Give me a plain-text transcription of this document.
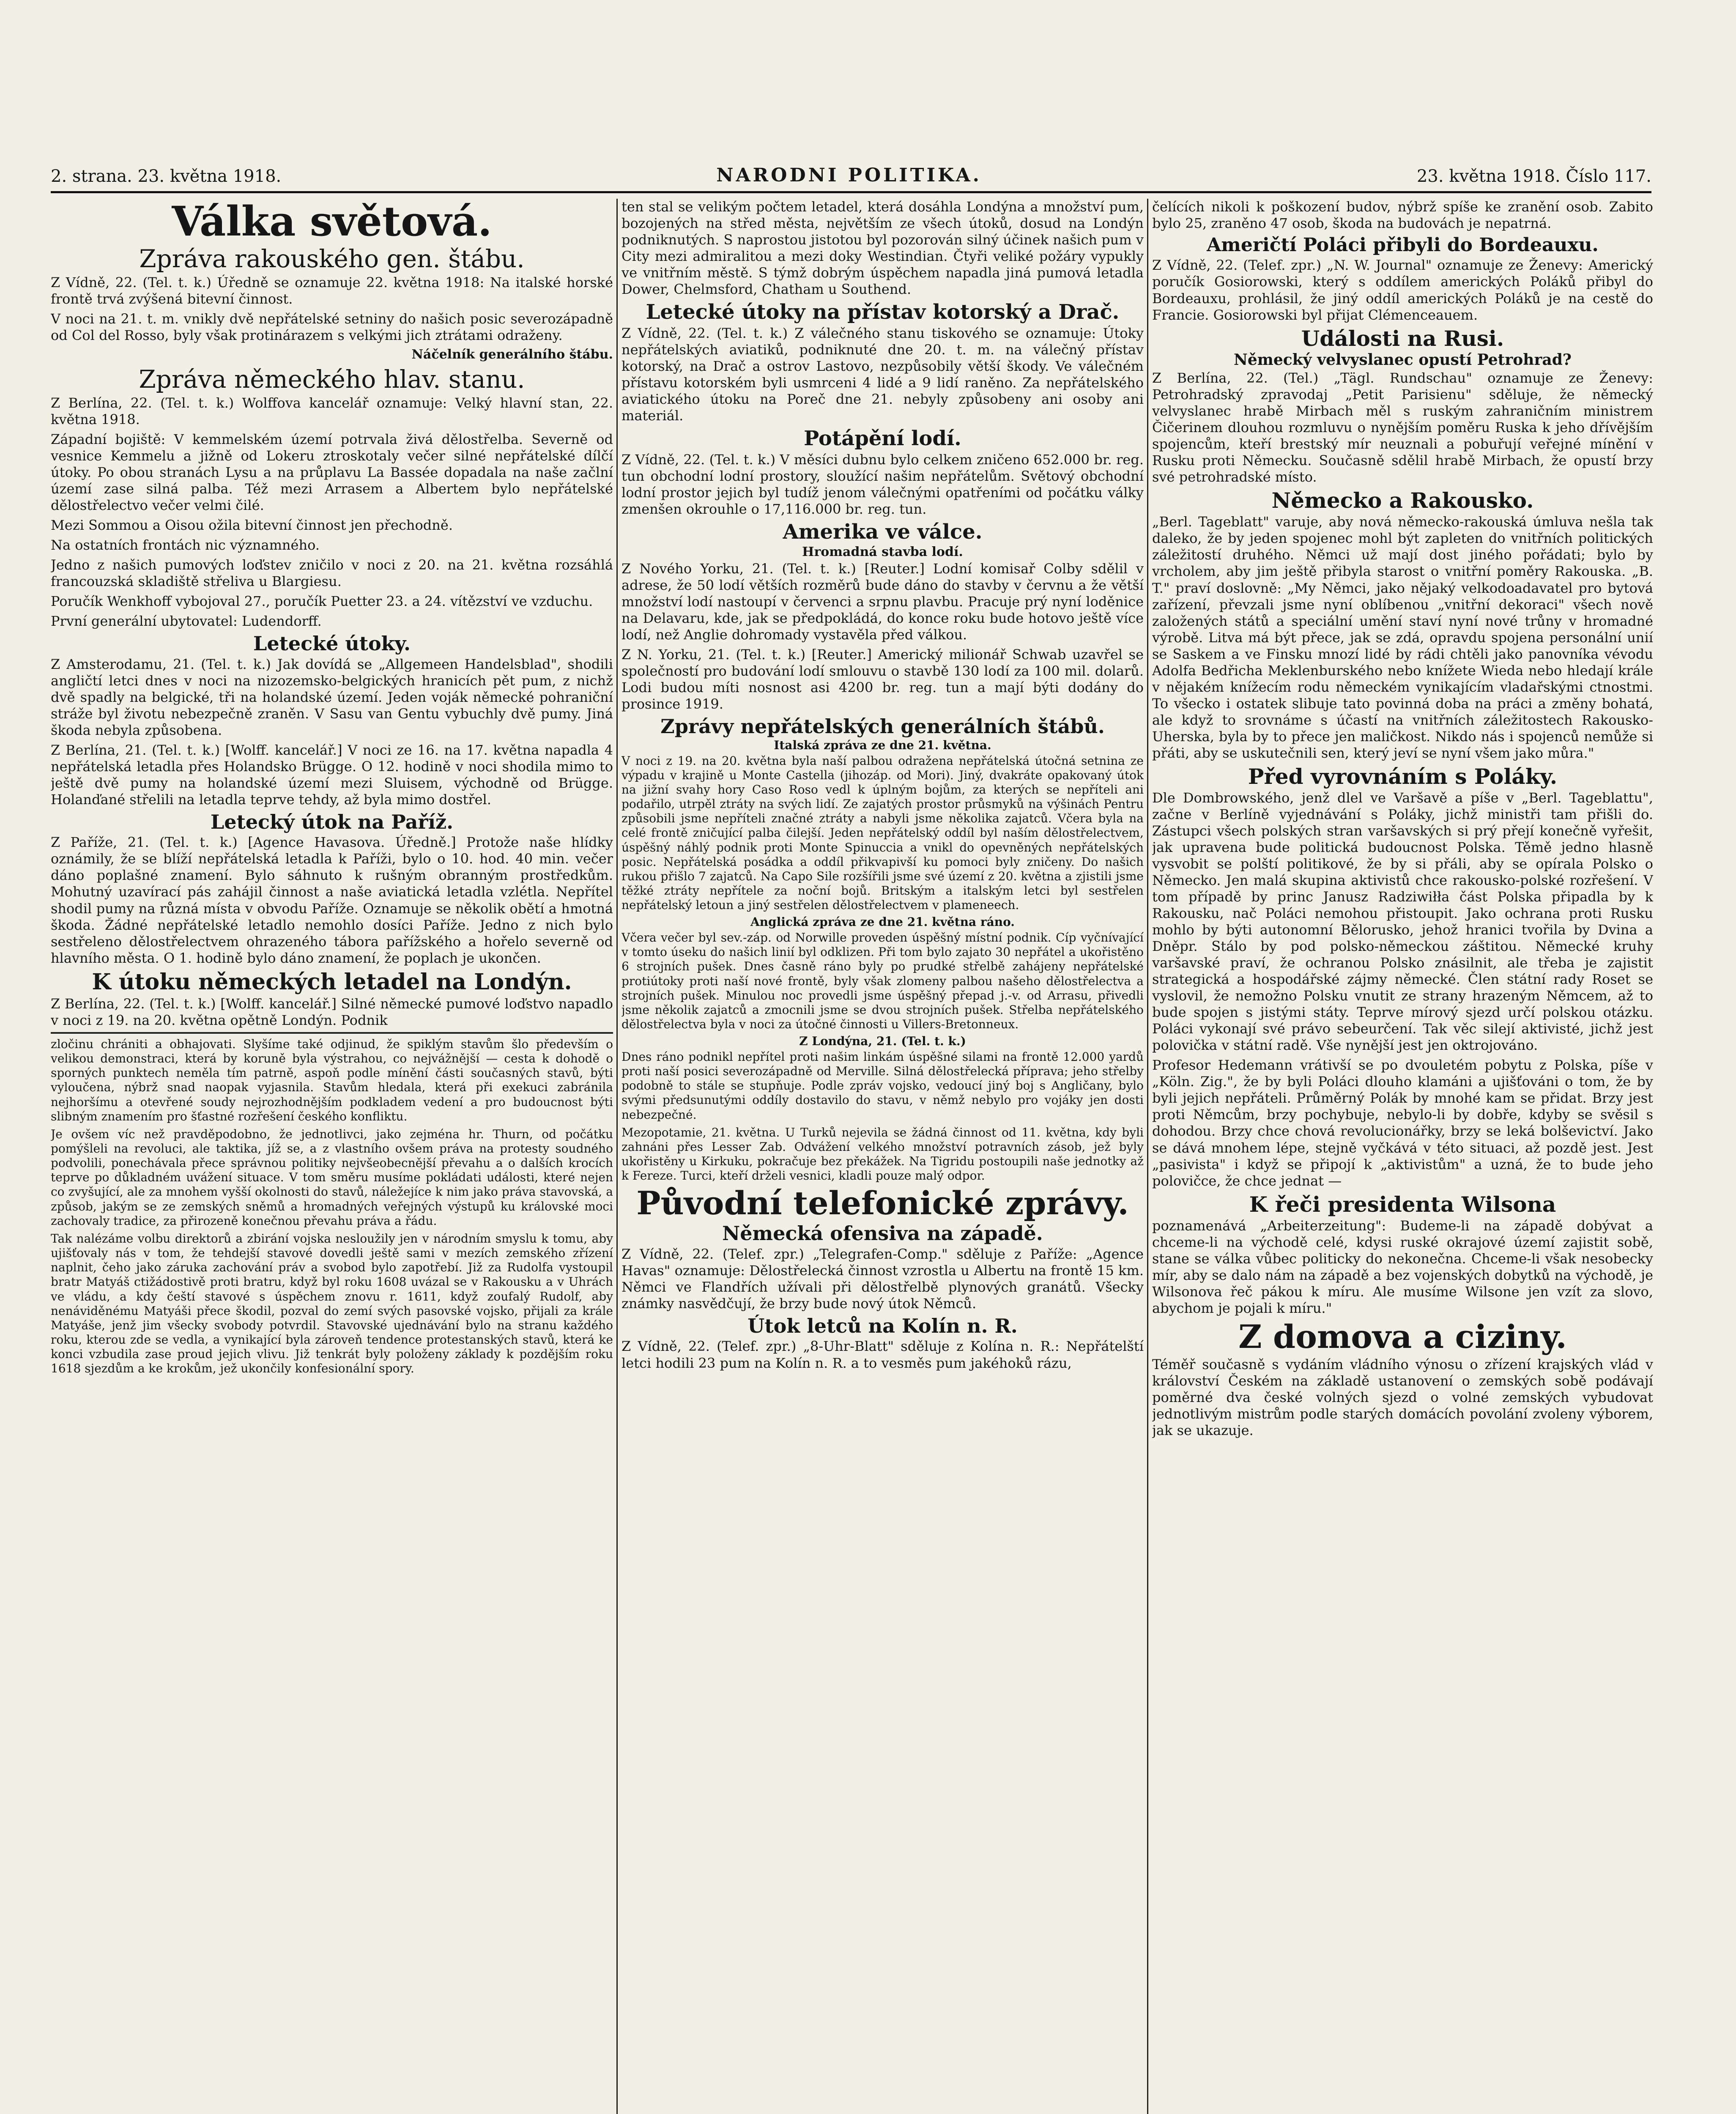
2. strana. 23. května 1918.	NARODNI POLITIKA.	23. května 1918. Číslo 117.
Válka světová.
Zpráva rakouského gen. štábu.

Z Vídně, 22. (Tel. t. k.) Úředně se oznamuje 22. května 1918: Na italské horské frontě trvá zvýšená bitevní činnost.

V noci na 21. t. m. vnikly dvě nepřátelské setniny do našich posic severozápadně od Col del Rosso, byly však protinárazem s velkými jich ztrátami odraženy.

Náčelník generálního štábu.
Zpráva německého hlav. stanu.

Z Berlína, 22. (Tel. t. k.) Wolffova kancelář oznamuje: Velký hlavní stan, 22. května 1918.

Západní bojiště: V kemmelském území potrvala živá dělostřelba. Severně od vesnice Kemmelu a jižně od Lokeru ztroskotaly večer silné nepřátelské dílčí útoky. Po obou stranách Lysu a na průplavu La Bassée dopadala na naše začlní území zase silná palba. Též mezi Arrasem a Albertem bylo nepřátelské dělostřelectvo večer velmi čilé.

Mezi Sommou a Oisou ožila bitevní činnost jen přechodně.

Na ostatních frontách nic významného.

Jedno z našich pumových loďstev zničilo v noci z 20. na 21. května rozsáhlá francouzská skladiště střeliva u Blargiesu.

Poručík Wenkhoff vybojoval 27., poručík Puetter 23. a 24. vítězství ve vzduchu.

První generální ubytovatel: Ludendorff.

Letecké útoky.

Z Amsterodamu, 21. (Tel. t. k.) Jak dovídá se „Allgemeen Handelsblad", shodili angličtí letci dnes v noci na nizozemsko-belgických hranicích pět pum, z nichž dvě spadly na belgické, tři na holandské území. Jeden voják německé pohraniční stráže byl životu nebezpečně zraněn. V Sasu van Gentu vybuchly dvě pumy. Jiná škoda nebyla způsobena.

Z Berlína, 21. (Tel. t. k.) [Wolff. kancelář.] V noci ze 16. na 17. května napadla 4 nepřátelská letadla přes Holandsko Brügge. O 12. hodině v noci shodila mimo to ještě dvě pumy na holandské území mezi Sluisem, východně od Brügge. Holanďané střelili na letadla teprve tehdy, až byla mimo dostřel.

Letecký útok na Paříž.

Z Paříže, 21. (Tel. t. k.) [Agence Havasova. Úředně.] Protože naše hlídky oznámily, že se blíží nepřátelská letadla k Paříži, bylo o 10. hod. 40 min. večer dáno poplašné znamení. Bylo sáhnuto k rušným obranným prostředkům. Mohutný uzavírací pás zahájil činnost a naše aviatická letadla vzlétla. Nepřítel shodil pumy na různá místa v obvodu Paříže. Oznamuje se několik obětí a hmotná škoda. Žádné nepřátelské letadlo nemohlo dosíci Paříže. Jedno z nich bylo sestřeleno dělostřelectvem ohrazeného tábora pařížského a hořelo severně od hlavního města. O 1. hodině bylo dáno znamení, že poplach je ukončen.

K útoku německých letadel na Londýn.

Z Berlína, 22. (Tel. t. k.) [Wolff. kancelář.] Silné německé pumové loďstvo napadlo v noci z 19. na 20. května opětně Londýn. Podnik

zločinu chrániti a obhajovati. Slyšíme také odjinud, že spiklým stavům šlo především o velikou demonstraci, která by koruně byla výstrahou, co nejvážnější — cesta k dohodě o sporných punktech neměla tím patrně, aspoň podle mínění části současných stavů, býti vyloučena, nýbrž snad naopak vyjasnila. Stavům hledala, která při exekuci zabránila nejhoršímu a otevřené soudy nejrozhodnějším podkladem vedení a pro budoucnost býti slibným znamením pro šťastné rozřešení českého konfliktu.

Je ovšem víc než pravděpodobno, že jednotlivci, jako zejména hr. Thurn, od počátku pomýšleli na revoluci, ale taktika, jíž se, a z vlastního ovšem práva na protesty soudného podvolili, ponechávala přece správnou politiky nejvšeobecnější převahu a o dalších krocích teprve po důkladném uvážení situace. V tom směru musíme pokládati události, které nejen co zvyšující, ale za mnohem vyšší okolnosti do stavů, náležejíce k nim jako práva stavovská, a způsob, jakým se ze zemských sněmů a hromadných veřejných výstupů ku královské moci zachovaly tradice, za přirozeně konečnou převahu práva a řádu.

Tak nalézáme volbu direktorů a zbirání vojska nesloužily jen v národním smyslu k tomu, aby ujišťovaly nás v tom, že tehdejší stavové dovedli ještě sami v mezích zemského zřízení naplnit, čeho jako záruka zachování práv a svobod bylo zapotřebí. Již za Rudolfa vystoupil bratr Matyáš ctižádostivě proti bratru, když byl roku 1608 uvázal se v Rakousku a v Uhrách ve vládu, a kdy čeští stavové s úspěchem znovu r. 1611, když zoufalý Rudolf, aby nenáviděnému Matyáši přece škodil, pozval do zemí svých pasovské vojsko, přijali za krále Matyáše, jenž jim všecky svobody potvrdil. Stavovské ujednávání bylo na stranu každého roku, kterou zde se vedla, a vynikající byla zároveň tendence protestanských stavů, která ke konci vzbudila zase proud jejich vlivu. Již tenkrát byly položeny základy k pozdějším roku 1618 sjezdům a ke krokům, jež ukončily konfesionální spory.

ten stal se velikým počtem letadel, která dosáhla Londýna a množství pum, bozojených na střed města, největším ze všech útoků, dosud na Londýn podniknutých. S naprostou jistotou byl pozorován silný účinek našich pum v City mezi admiralitou a mezi doky Westindian. Čtyři veliké požáry vypukly ve vnitřním městě. S týmž dobrým úspěchem napadla jiná pumová letadla Dower, Chelmsford, Chatham u Southend.

Letecké útoky na přístav kotorský a Drač.

Z Vídně, 22. (Tel. t. k.) Z válečného stanu tiskového se oznamuje: Útoky nepřátelských aviatiků, podniknuté dne 20. t. m. na válečný přístav kotorský, na Drač a ostrov Lastovo, nezpůsobily větší škody. Ve válečném přístavu kotorském byli usmrceni 4 lidé a 9 lidí raněno. Za nepřátelského aviatického útoku na Poreč dne 21. nebyly způsobeny ani osoby ani materiál.

Potápění lodí.

Z Vídně, 22. (Tel. t. k.) V měsíci dubnu bylo celkem zničeno 652.000 br. reg. tun obchodní lodní prostory, sloužící našim nepřátelům. Světový obchodní lodní prostor jejich byl tudíž jenom válečnými opatřeními od počátku války zmenšen okrouhle o 17,116.000 br. reg. tun.

Amerika ve válce.
Hromadná stavba lodí.

Z Nového Yorku, 21. (Tel. t. k.) [Reuter.] Lodní komisař Colby sdělil v adrese, že 50 lodí větších rozměrů bude dáno do stavby v červnu a že větší množství lodí nastoupí v červenci a srpnu plavbu. Pracuje prý nyní loděnice na Delavaru, kde, jak se předpokládá, do konce roku bude hotovo ještě více lodí, než Anglie dohromady vystavěla před válkou.

Z N. Yorku, 21. (Tel. t. k.) [Reuter.] Americký milionář Schwab uzavřel se společností pro budování lodí smlouvu o stavbě 130 lodí za 100 mil. dolarů. Lodi budou míti nosnost asi 4200 br. reg. tun a mají býti dodány do prosince 1919.

Zprávy nepřátelských generálních štábů.
Italská zpráva ze dne 21. května.

V noci z 19. na 20. května byla naší palbou odražena nepřátelská útočná setnina ze výpadu v krajině u Monte Castella (jihozáp. od Mori). Jiný, dvakráte opakovaný útok na jižní svahy hory Caso Roso vedl k úplným bojům, za kterých se nepříteli ani podařilo, utrpěl ztráty na svých lidí. Ze zajatých prostor průsmyků na výšinách Pentru způsobili jsme nepříteli značné ztráty a nabyli jsme několika zajatců. Včera byla na celé frontě zničující palba čilejší. Jeden nepřátelský oddíl byl naším dělostřelectvem, úspěšný náhlý podnik proti Monte Spinuccia a vnikl do opevněných nepřátelských posic. Nepřátelská posádka a oddíl přikvapivší ku pomoci byly zničeny. Do našich rukou přišlo 7 zajatců. Na Capo Sile rozšířili jsme své území z 20. května a zjistili jsme těžké ztráty nepřítele za noční bojů. Britským a italským letci byl sestřelen nepřátelský letoun a jiný sestřelen dělostřelectvem v plameneech.

Anglická zpráva ze dne 21. května ráno.

Včera večer byl sev.-záp. od Norwille proveden úspěšný místní podnik. Cíp vyčnívající v tomto úseku do našich linií byl odklizen. Při tom bylo zajato 30 nepřátel a ukořistěno 6 strojních pušek. Dnes časně ráno byly po prudké střelbě zahájeny nepřátelské protiútoky proti naší nové frontě, byly však zlomeny palbou našeho dělostřelectva a strojních pušek. Minulou noc provedli jsme úspěšný přepad j.-v. od Arrasu, přivedli jsme několik zajatců a zmocnili jsme se dvou strojních pušek. Střelba nepřátelského dělostřelectva byla v noci za útočné činnosti u Villers-Bretonneux.

Z Londýna, 21. (Tel. t. k.)

Dnes ráno podnikl nepřítel proti našim linkám úspěšné silami na frontě 12.000 yardů proti naší posici severozápadně od Merville. Silná dělostřelecká příprava; jeho střelby podobně to stále se stupňuje. Podle zpráv vojsko, vedoucí jiný boj s Angličany, bylo svými předsunutými oddíly dostavilo do stavu, v němž nebylo pro vojáky jen dosti nebezpečné.

Mezopotamie, 21. května. U Turků nejevila se žádná činnost od 11. května, kdy byli zahnáni přes Lesser Zab. Odvážení velkého množství potravních zásob, jež byly ukořistěny u Kirkuku, pokračuje bez překážek. Na Tigridu postoupili naše jednotky až k Fereze. Turci, kteří drželi vesnici, kladli pouze malý odpor.

Původní telefonické zprávy.
Německá ofensiva na západě.

Z Vídně, 22. (Telef. zpr.) „Telegrafen-Comp." sděluje z Paříže: „Agence Havas" oznamuje: Dělostřelecká činnost vzrostla u Albertu na frontě 15 km. Němci ve Flandřích užívali při dělostřelbě plynových granátů. Všecky známky nasvědčují, že brzy bude nový útok Němců.

Útok letců na Kolín n. R.

Z Vídně, 22. (Telef. zpr.) „8-Uhr-Blatt" sděluje z Kolína n. R.: Nepřátelští letci hodili 23 pum na Kolín n. R. a to vesměs pum jakéhoků rázu,

čelících nikoli k poškození budov, nýbrž spíše ke zranění osob. Zabito bylo 25, zraněno 47 osob, škoda na budovách je nepatrná.

Američtí Poláci přibyli do Bordeauxu.

Z Vídně, 22. (Telef. zpr.) „N. W. Journal" oznamuje ze Ženevy: Americký poručík Gosiorowski, který s oddílem amerických Poláků přibyl do Bordeauxu, prohlásil, že jiný oddíl amerických Poláků je na cestě do Francie. Gosiorowski byl přijat Clémenceauem.

Události na Rusi.
Německý velvyslanec opustí Petrohrad?

Z Berlína, 22. (Tel.) „Tägl. Rundschau" oznamuje ze Ženevy: Petrohradský zpravodaj „Petit Parisienu" sděluje, že německý velvyslanec hrabě Mirbach měl s ruským zahraničním ministrem Čičerinem dlouhou rozmluvu o nynějším poměru Ruska k jeho dřívějším spojencům, kteří brestský mír neuznali a pobuřují veřejné mínění v Rusku proti Německu. Současně sdělil hrabě Mirbach, že opustí brzy své petrohradské místo.

Německo a Rakousko.

„Berl. Tageblatt" varuje, aby nová německo-rakouská úmluva nešla tak daleko, že by jeden spojenec mohl být zapleten do vnitřních politických záležitostí druhého. Němci už mají dost jiného pořádati; bylo by vrcholem, aby jim ještě přibyla starost o vnitřní poměry Rakouska. „B. T." praví doslovně: „My Němci, jako nějaký velkodoadavatel pro bytová zařízení, převzali jsme nyní oblíbenou „vnitřní dekoraci" všech nově založených států a speciální umění staví nyní nové trůny v hromadné výrobě. Litva má být přece, jak se zdá, opravdu spojena personální unií se Saskem a ve Finsku mnozí lidé by rádi chtěli jako panovníka vévodu Adolfa Bedřicha Meklenburského nebo knížete Wieda nebo hledají krále v nějakém knížecím rodu německém vynikajícím vladařskými ctnostmi. To všecko i ostatek slibuje tato povinná doba na práci a změny bohatá, ale když to srovnáme s účastí na vnitřních záležitostech Rakousko-Uherska, byla by to přece jen maličkost. Nikdo nás i spojenců nemůže si přáti, aby se uskutečnili sen, který jeví se nyní všem jako můra."

Před vyrovnáním s Poláky.

Dle Dombrowského, jenž dlel ve Varšavě a píše v „Berl. Tageblattu", začne v Berlíně vyjednávání s Poláky, jichž ministři tam přišli do. Zástupci všech polských stran varšavských si prý přejí konečně vyřešit, jak upravena bude politická budoucnost Polska. Těmě jedno hlasně vysvobit se polští politikové, že by si přáli, aby se opírala Polsko o Německo. Jen malá skupina aktivistů chce rakousko-polské rozřešení. V tom případě by princ Janusz Radziwiłła část Polska připadla by k Rakousku, nač Poláci nemohou přistoupit. Jako ochrana proti Rusku mohlo by býti autonomní Bělorusko, jehož hranici tvořila by Dvina a Dněpr. Stálo by pod polsko-německou záštitou. Německé kruhy varšavské praví, že ochranou Polsko znásilnit, ale třeba je zajistit strategická a hospodářské zájmy německé. Člen státní rady Roset se vyslovil, že nemožno Polsku vnutit ze strany hrazeným Němcem, až to bude spojen s jistými státy. Teprve mírový sjezd určí polskou otázku. Poláci vykonají své právo sebeurčení. Tak věc silejí aktivisté, jichž jest polovička v státní radě. Vše nynější jest jen oktrojováno.

Profesor Hedemann vrátivší se po dvouletém pobytu z Polska, píše v „Köln. Zig.", že by byli Poláci dlouho klamáni a ujišťováni o tom, že by byli jejich nepřáteli. Průměrný Polák by mnohé kam se přidat. Brzy jest proti Němcům, brzy pochybuje, nebylo-li by dobře, kdyby se svěsil s dohodou. Brzy chce chová revolucionářky, brzy se leká bolševictví. Jako se dává mnohem lépe, stejně vyčkává v této situaci, až pozdě jest. Jest „pasivista" i když se připojí k „aktivistům" a uzná, že to bude jeho polovičce, že chce jednat —

K řeči presidenta Wilsona

poznamenává „Arbeiterzeitung": Budeme-li na západě dobývat a chceme-li na východě celé, kdysi ruské okrajové území zajistit sobě, stane se válka vůbec politicky do nekonečna. Chceme-li však nesobecky mír, aby se dalo nám na západě a bez vojenských dobytků na východě, je Wilsonova řeč pákou k míru. Ale musíme Wilsone jen vzít za slovo, abychom je pojali k míru."

Z domova a ciziny.

Téměř současně s vydáním vládního výnosu o zřízení krajských vlád v království Českém na základě ustanovení o zemských sobě podávají poměrné dva české volných sjezd o volné zemských vybudovat jednotlivým mistrům podle starých domácích povolání zvoleny výborem, jak se ukazuje.
